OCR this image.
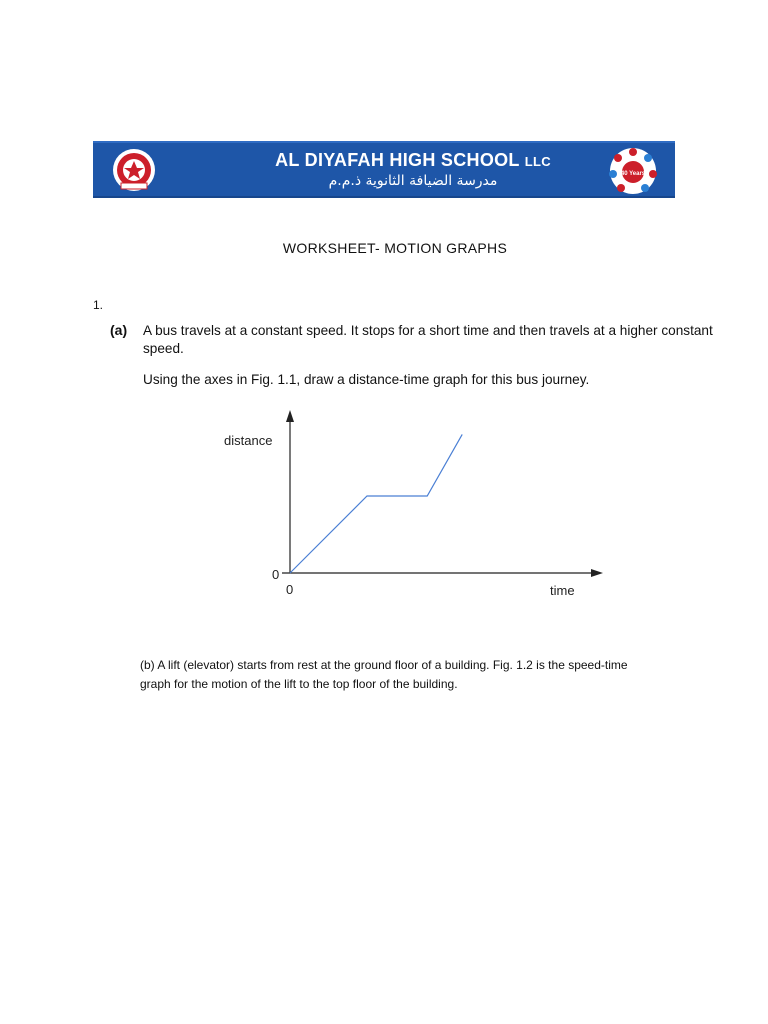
AL DIYAFAH HIGH SCHOOL LLC
مدرسة الضيافة الثانوية ذ.م.م	40 Years
WORKSHEET- MOTION GRAPHS
1.
(a) A bus travels at a constant speed. It stops for a short time and then travels at a higher constant speed.
Using the axes in Fig. 1.1, draw a distance-time graph for this bus journey.
distance
time
0
0
(b) A lift (elevator) starts from rest at the ground floor of a building. Fig. 1.2 is the speed-time graph for the motion of the lift to the top floor of the building.
